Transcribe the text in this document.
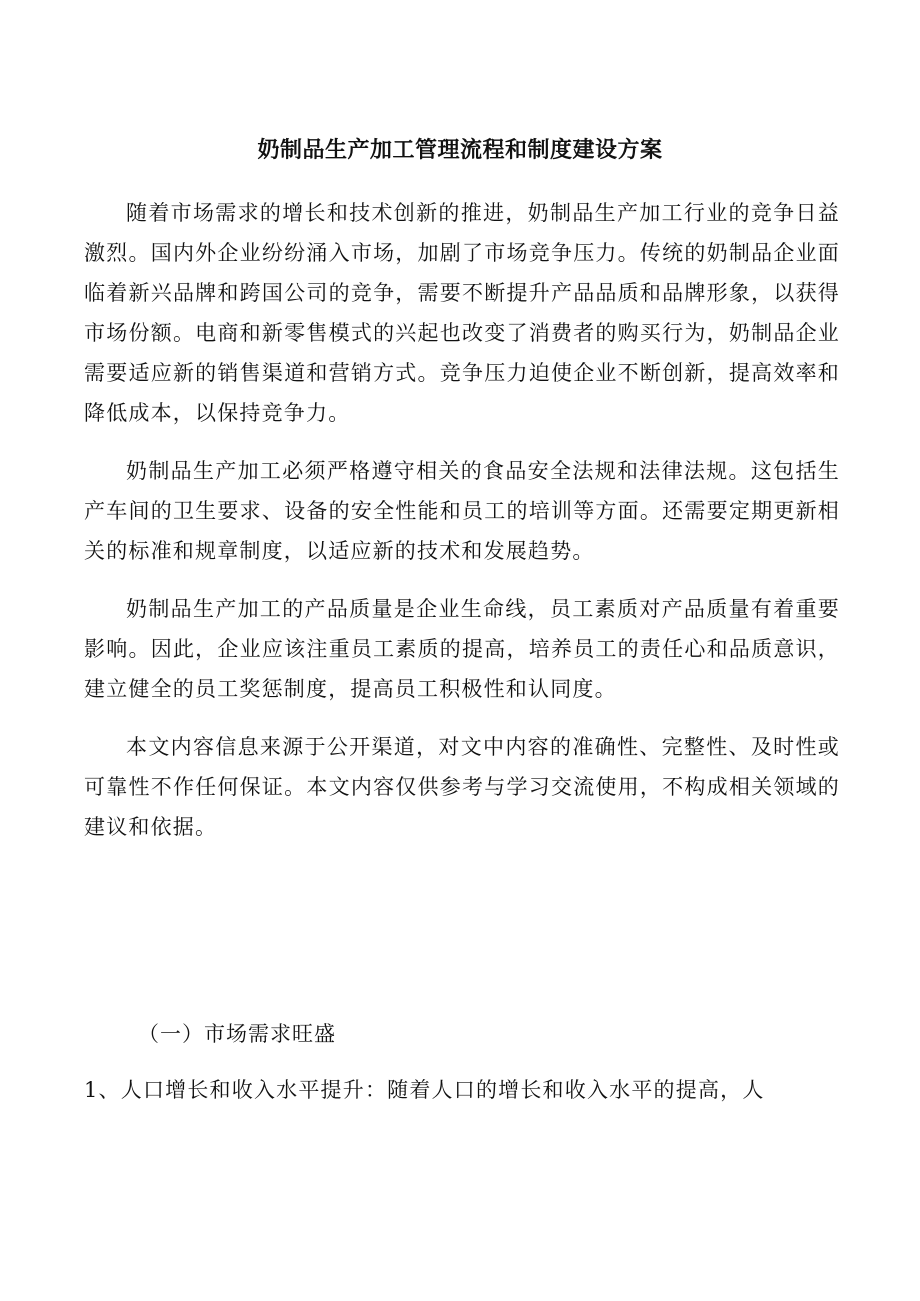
奶制品生产加工管理流程和制度建设方案

随着市场需求的增长和技术创新的推进，奶制品生产加工行业的竞争日益激烈。国内外企业纷纷涌入市场，加剧了市场竞争压力。传统的奶制品企业面临着新兴品牌和跨国公司的竞争，需要不断提升产品品质和品牌形象，以获得市场份额。电商和新零售模式的兴起也改变了消费者的购买行为，奶制品企业需要适应新的销售渠道和营销方式。竞争压力迫使企业不断创新，提高效率和降低成本，以保持竞争力。

奶制品生产加工必须严格遵守相关的食品安全法规和法律法规。这包括生产车间的卫生要求、设备的安全性能和员工的培训等方面。还需要定期更新相关的标准和规章制度，以适应新的技术和发展趋势。

奶制品生产加工的产品质量是企业生命线，员工素质对产品质量有着重要影响。因此，企业应该注重员工素质的提高，培养员工的责任心和品质意识，建立健全的员工奖惩制度，提高员工积极性和认同度。

本文内容信息来源于公开渠道，对文中内容的准确性、完整性、及时性或可靠性不作任何保证。本文内容仅供参考与学习交流使用，不构成相关领域的建议和依据。

（一）市场需求旺盛
1、人口增长和收入水平提升：随着人口的增长和收入水平的提高，人
